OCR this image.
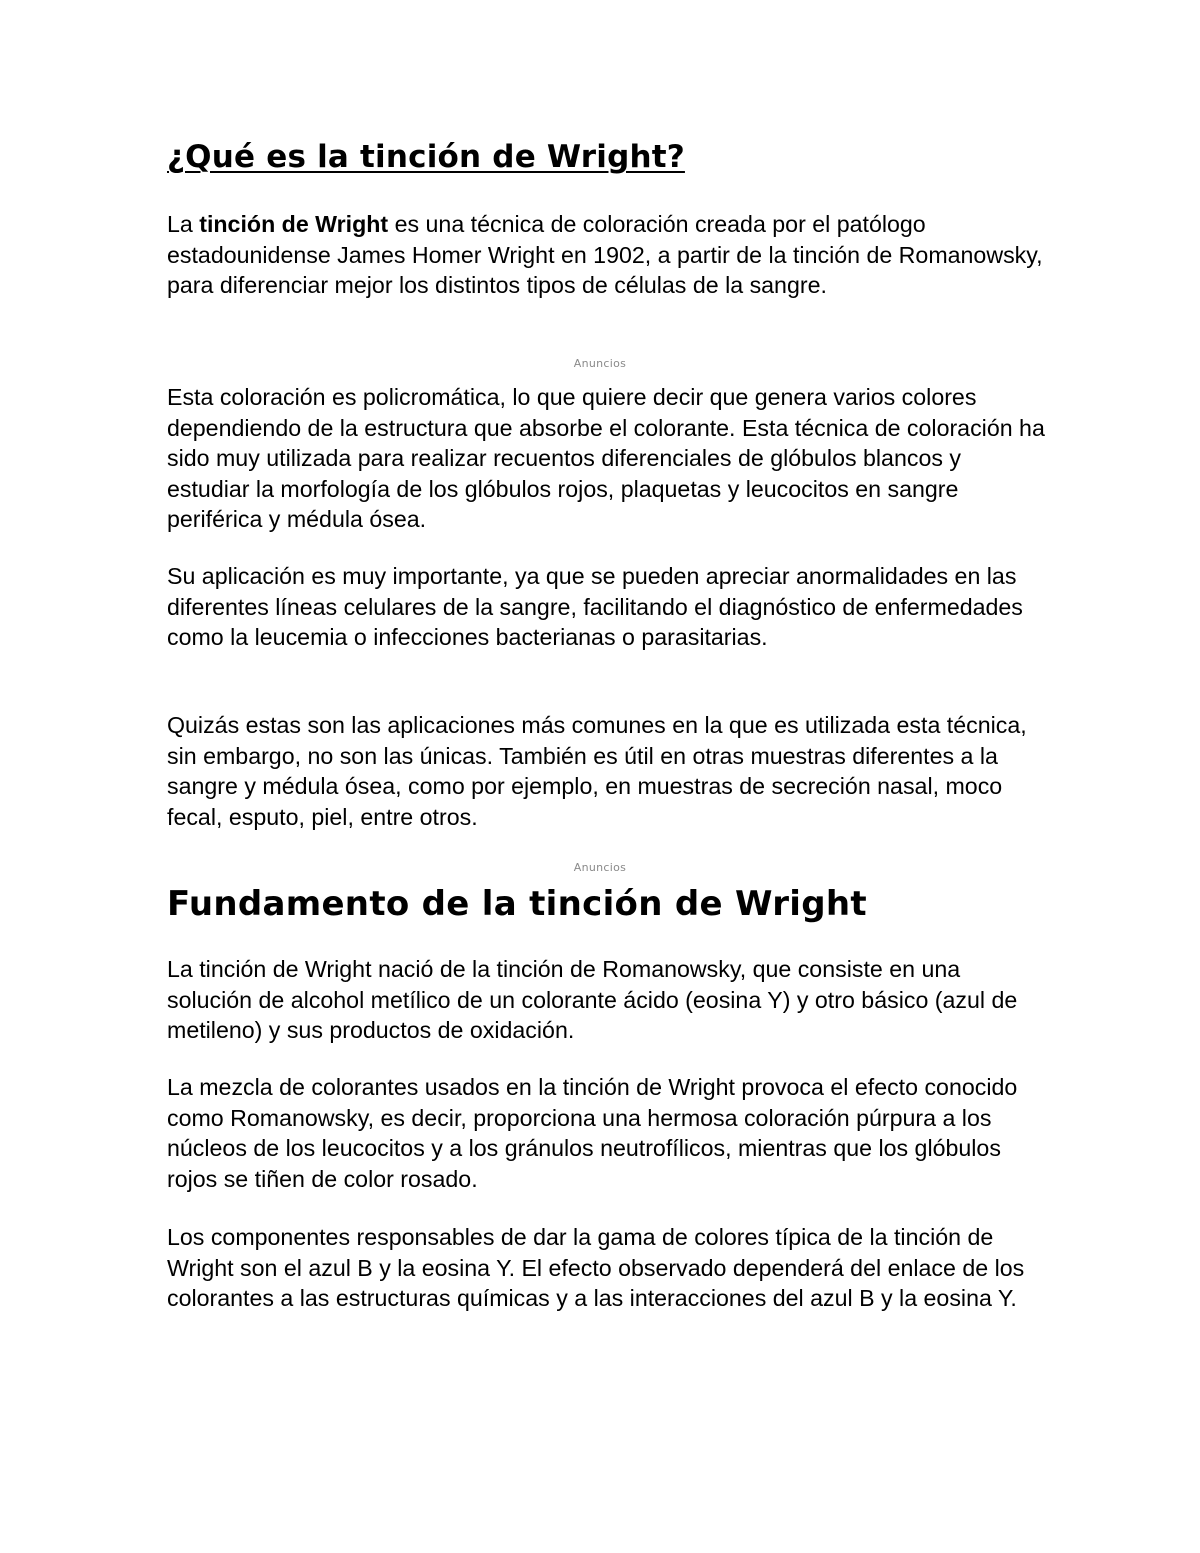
¿Qué es la tinción de Wright?

La tinción de Wright es una técnica de coloración creada por el patólogo estadounidense James Homer Wright en 1902, a partir de la tinción de Romanowsky, para diferenciar mejor los distintos tipos de células de la sangre.

Anuncios

Esta coloración es policromática, lo que quiere decir que genera varios colores dependiendo de la estructura que absorbe el colorante. Esta técnica de coloración ha sido muy utilizada para realizar recuentos diferenciales de glóbulos blancos y estudiar la morfología de los glóbulos rojos, plaquetas y leucocitos en sangre periférica y médula ósea.

Su aplicación es muy importante, ya que se pueden apreciar anormalidades en las diferentes líneas celulares de la sangre, facilitando el diagnóstico de enfermedades como la leucemia o infecciones bacterianas o parasitarias.

Quizás estas son las aplicaciones más comunes en la que es utilizada esta técnica, sin embargo, no son las únicas. También es útil en otras muestras diferentes a la sangre y médula ósea, como por ejemplo, en muestras de secreción nasal, moco fecal, esputo, piel, entre otros.

Anuncios
Fundamento de la tinción de Wright

La tinción de Wright nació de la tinción de Romanowsky, que consiste en una solución de alcohol metílico de un colorante ácido (eosina Y) y otro básico (azul de metileno) y sus productos de oxidación.

La mezcla de colorantes usados en la tinción de Wright provoca el efecto conocido como Romanowsky, es decir, proporciona una hermosa coloración púrpura a los núcleos de los leucocitos y a los gránulos neutrofílicos, mientras que los glóbulos rojos se tiñen de color rosado.

Los componentes responsables de dar la gama de colores típica de la tinción de Wright son el azul B y la eosina Y. El efecto observado dependerá del enlace de los colorantes a las estructuras químicas y a las interacciones del azul B y la eosina Y.
